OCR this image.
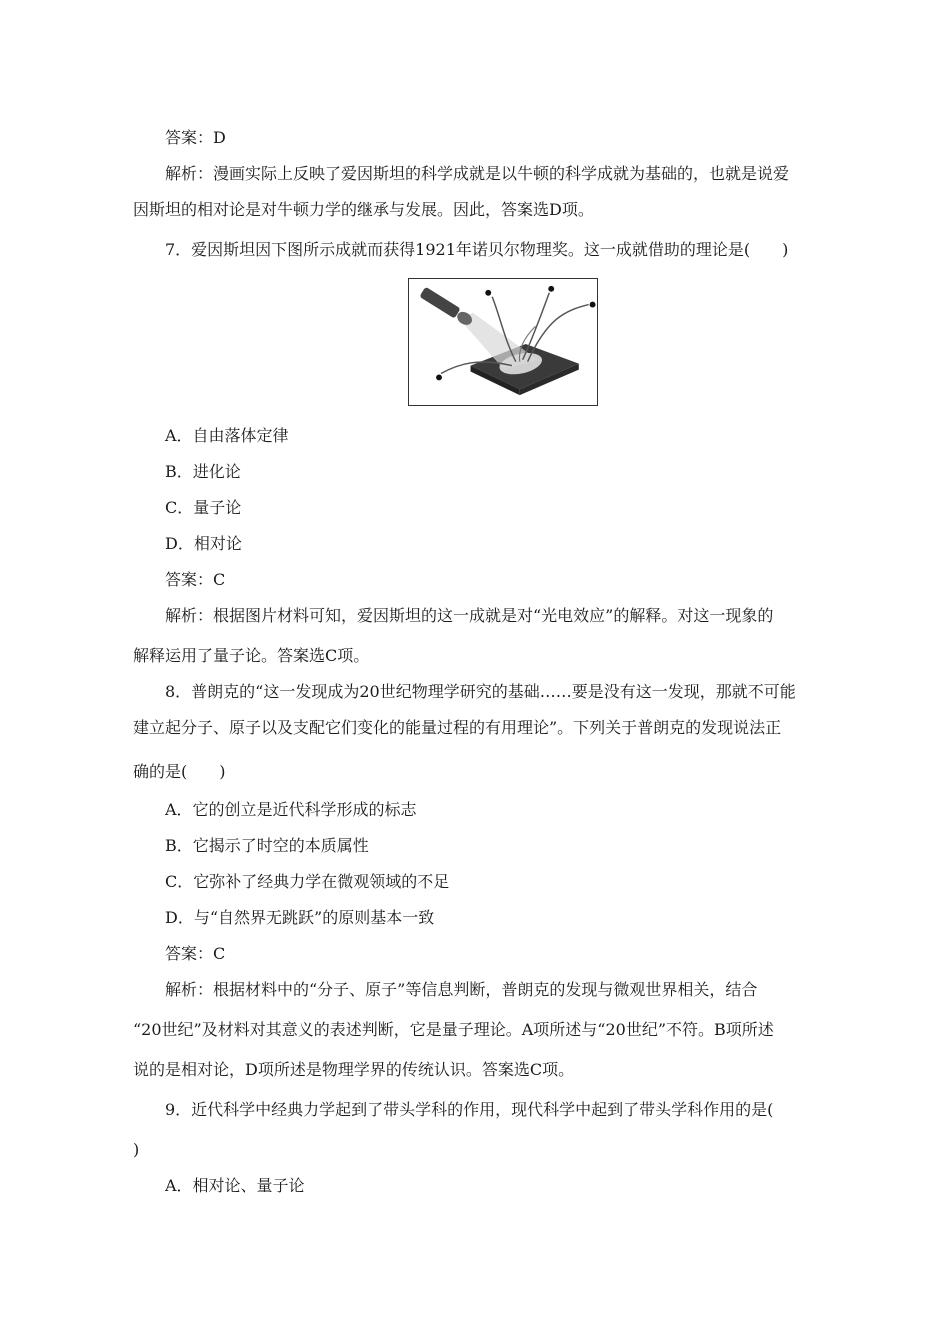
答案：D
解析：漫画实际上反映了爱因斯坦的科学成就是以牛顿的科学成就为基础的，也就是说爱
因斯坦的相对论是对牛顿力学的继承与发展。因此，答案选D项。
7．爱因斯坦因下图所示成就而获得1921年诺贝尔物理奖。这一成就借助的理论是(　　)
A．自由落体定律
B．进化论
C．量子论
D．相对论
答案：C
解析：根据图片材料可知，爱因斯坦的这一成就是对“光电效应”的解释。对这一现象的
解释运用了量子论。答案选C项。
8．普朗克的“这一发现成为20世纪物理学研究的基础……要是没有这一发现，那就不可能
建立起分子、原子以及支配它们变化的能量过程的有用理论”。下列关于普朗克的发现说法正
确的是(　　)
A．它的创立是近代科学形成的标志
B．它揭示了时空的本质属性
C．它弥补了经典力学在微观领域的不足
D．与“自然界无跳跃”的原则基本一致
答案：C
解析：根据材料中的“分子、原子”等信息判断，普朗克的发现与微观世界相关，结合
“20世纪”及材料对其意义的表述判断，它是量子理论。A项所述与“20世纪”不符。B项所述
说的是相对论，D项所述是物理学界的传统认识。答案选C项。
9．近代科学中经典力学起到了带头学科的作用，现代科学中起到了带头学科作用的是(
)
A．相对论、量子论
